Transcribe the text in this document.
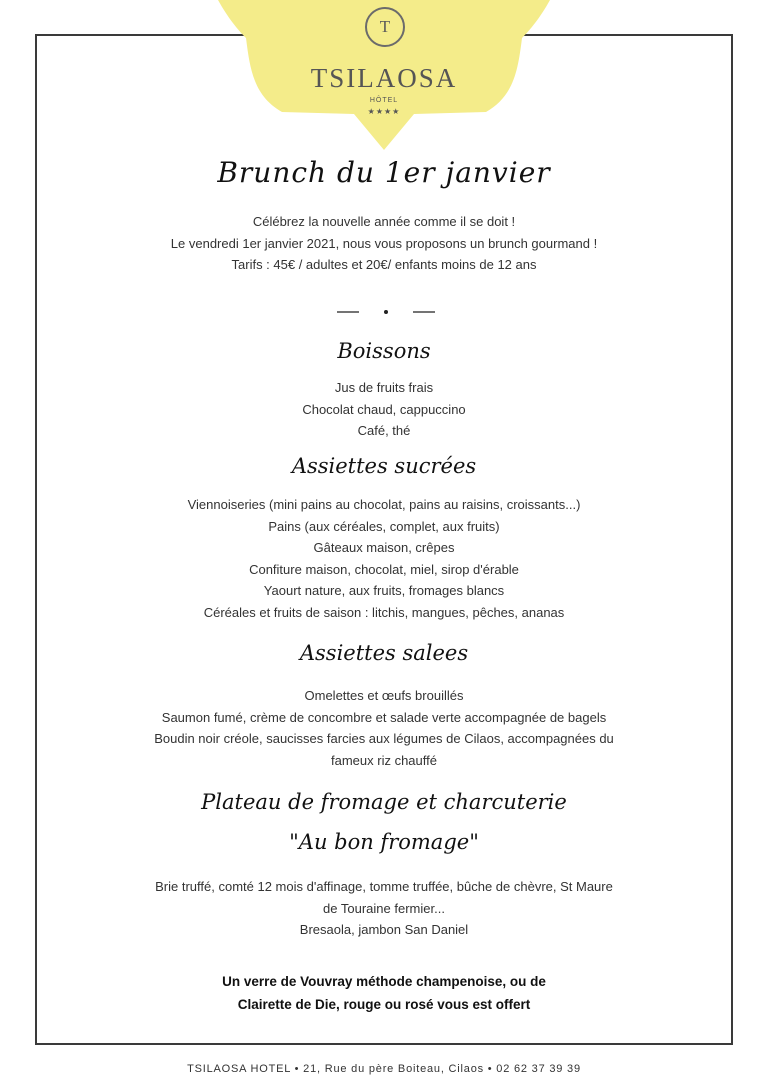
T
TSILAOSA
HÔTEL
★★★★
Brunch du 1er janvier
Célébrez la nouvelle année comme il se doit !
Le vendredi 1er janvier 2021, nous vous proposons un brunch gourmand !
Tarifs : 45€ / adultes et 20€/ enfants moins de 12 ans
Boissons
Jus de fruits frais
Chocolat chaud, cappuccino
Café, thé
Assiettes sucrées
Viennoiseries (mini pains au chocolat, pains au raisins, croissants...)
Pains (aux céréales, complet, aux fruits)
Gâteaux maison, crêpes
Confiture maison, chocolat, miel, sirop d'érable
Yaourt nature, aux fruits, fromages blancs
Céréales et fruits de saison : litchis, mangues, pêches, ananas
Assiettes salees
Omelettes et œufs brouillés
Saumon fumé, crème de concombre et salade verte accompagnée de bagels
Boudin noir créole, saucisses farcies aux légumes de Cilaos, accompagnées du
fameux riz chauffé
Plateau de fromage et charcuterie
"Au bon fromage"
Brie truffé, comté 12 mois d'affinage, tomme truffée, bûche de chèvre, St Maure
de Touraine fermier...
Bresaola, jambon San Daniel
Un verre de Vouvray méthode champenoise, ou de
Clairette de Die, rouge ou rosé vous est offert
TSILAOSA HOTEL • 21, Rue du père Boiteau, Cilaos • 02 62 37 39 39
